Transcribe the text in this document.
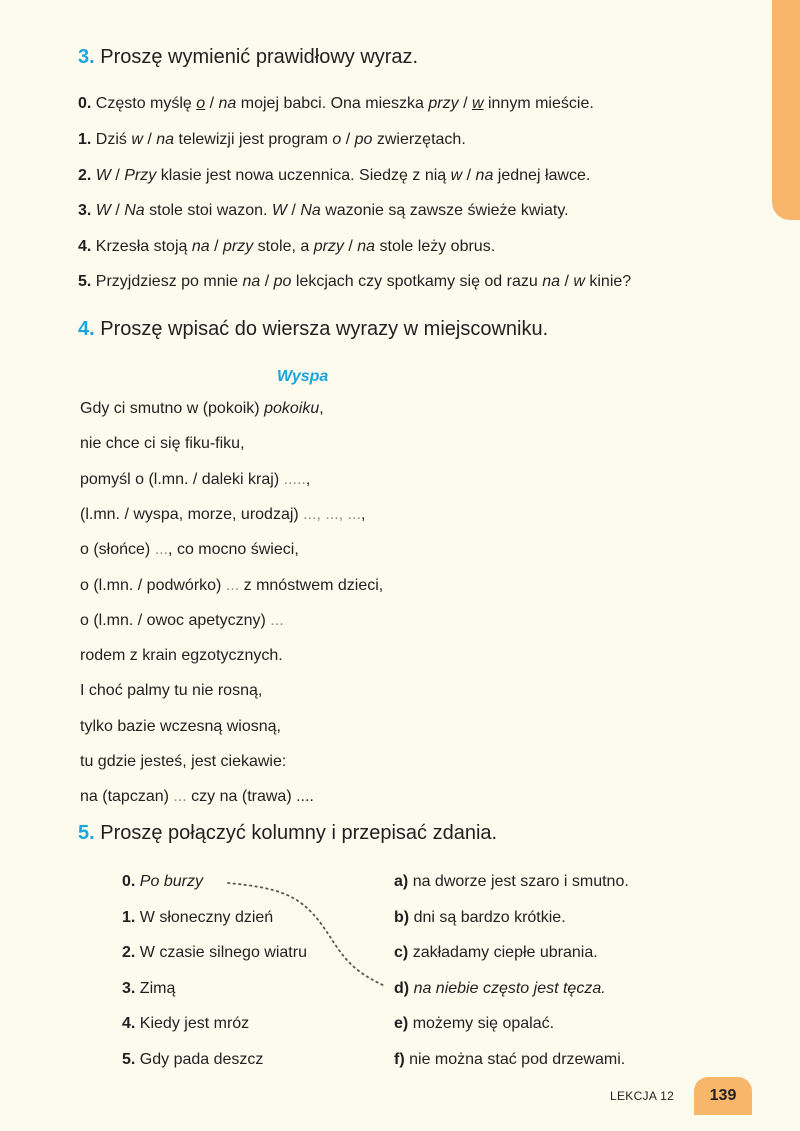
3. Proszę wymienić prawidłowy wyraz.
0. Często myślę o / na mojej babci. Ona mieszka przy / w innym mieście.
1. Dziś w / na telewizji jest program o / po zwierzętach.
2. W / Przy klasie jest nowa uczennica. Siedzę z nią w / na jednej ławce.
3. W / Na stole stoi wazon. W / Na wazonie są zawsze świeże kwiaty.
4. Krzesła stoją na / przy stole, a przy / na stole leży obrus.
5. Przyjdziesz po mnie na / po lekcjach czy spotkamy się od razu na / w kinie?
4. Proszę wpisać do wiersza wyrazy w miejscowniku.
Wyspa
Gdy ci smutno w (pokoik) pokoiku,
nie chce ci się fiku-fiku,
pomyśl o (l.mn. / daleki kraj) .....,
(l.mn. / wyspa, morze, urodzaj) ..., ..., ...,
o (słońce) ..., co mocno świeci,
o (l.mn. / podwórko) ... z mnóstwem dzieci,
o (l.mn. / owoc apetyczny) ...
rodem z krain egzotycznych.
I choć palmy tu nie rosną,
tylko bazie wczesną wiosną,
tu gdzie jesteś, jest ciekawie:
na (tapczan) ... czy na (trawa) ....
5. Proszę połączyć kolumny i przepisać zdania.
0. Po burzy
1. W słoneczny dzień
2. W czasie silnego wiatru
3. Zimą
4. Kiedy jest mróz
5. Gdy pada deszcz
a) na dworze jest szaro i smutno.
b) dni są bardzo krótkie.
c) zakładamy ciepłe ubrania.
d) na niebie często jest tęcza.
e) możemy się opalać.
f) nie można stać pod drzewami.
LEKCJA 12	139
